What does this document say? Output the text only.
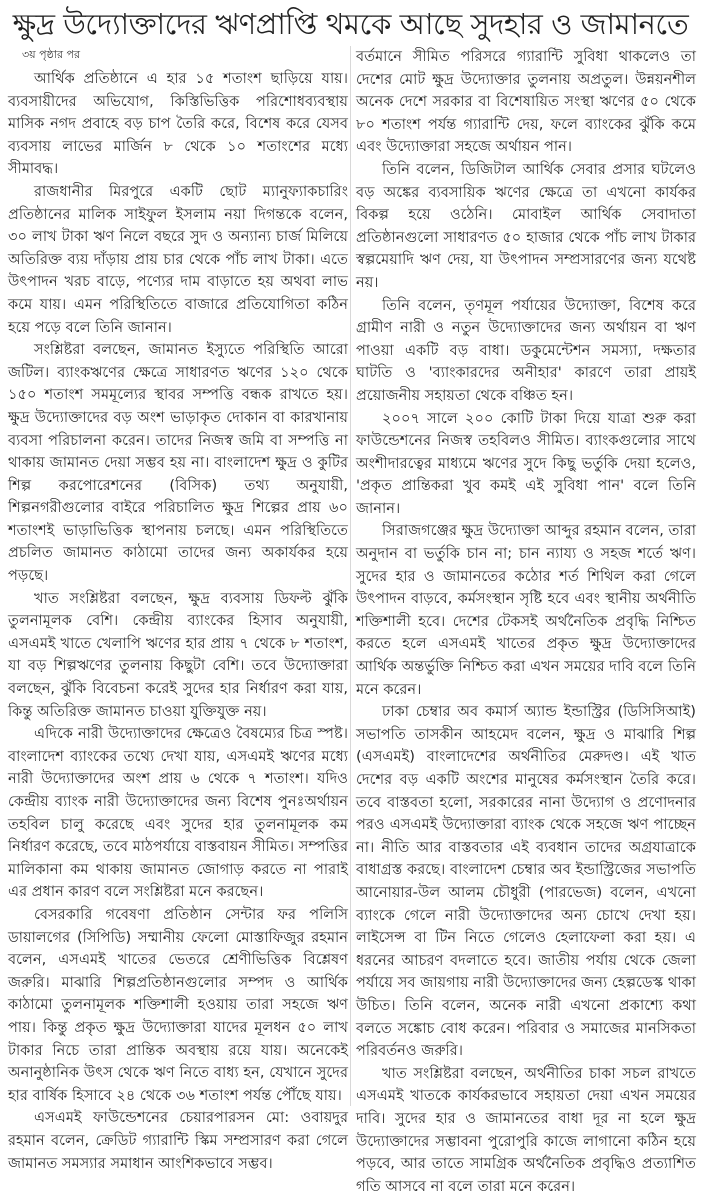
ক্ষুদ্র উদ্যোক্তাদের ঋণপ্রাপ্তি থমকে আছে সুদহার ও জামানতে
৩য় পৃষ্ঠার পর

আর্থিক প্রতিষ্ঠানে এ হার ১৫ শতাংশ ছাড়িয়ে যায়। ব্যবসায়ীদের অভিযোগ, কিস্তিভিত্তিক পরিশোধব্যবস্থায় মাসিক নগদ প্রবাহে বড় চাপ তৈরি করে, বিশেষ করে যেসব ব্যবসায় লাভের মার্জিন ৮ থেকে ১০ শতাংশের মধ্যে সীমাবদ্ধ।

রাজধানীর মিরপুরে একটি ছোট ম্যানুফ্যাকচারিং প্রতিষ্ঠানের মালিক সাইফুল ইসলাম নয়া দিগন্তকে বলেন, ৩০ লাখ টাকা ঋণ নিলে বছরে সুদ ও অন্যান্য চার্জ মিলিয়ে অতিরিক্ত ব্যয় দাঁড়ায় প্রায় চার থেকে পাঁচ লাখ টাকা। এতে উৎপাদন খরচ বাড়ে, পণ্যের দাম বাড়াতে হয় অথবা লাভ কমে যায়। এমন পরিস্থিতিতে বাজারে প্রতিযোগিতা কঠিন হয়ে পড়ে বলে তিনি জানান।

সংশ্লিষ্টরা বলছেন, জামানত ইস্যুতে পরিস্থিতি আরো জটিল। ব্যাংকঋণের ক্ষেত্রে সাধারণত ঋণের ১২০ থেকে ১৫০ শতাংশ সমমূল্যের স্থাবর সম্পত্তি বন্ধক রাখতে হয়। ক্ষুদ্র উদ্যোক্তাদের বড় অংশ ভাড়াকৃত দোকান বা কারখানায় ব্যবসা পরিচালনা করেন। তাদের নিজস্ব জমি বা সম্পত্তি না থাকায় জামানত দেয়া সম্ভব হয় না। বাংলাদেশ ক্ষুদ্র ও কুটির শিল্প করপোরেশনের (বিসিক) তথ্য অনুযায়ী, শিল্পনগরীগুলোর বাইরে পরিচালিত ক্ষুদ্র শিল্পের প্রায় ৬০ শতাংশই ভাড়াভিত্তিক স্থাপনায় চলছে। এমন পরিস্থিতিতে প্রচলিত জামানত কাঠামো তাদের জন্য অকার্যকর হয়ে পড়ছে।

খাত সংশ্লিষ্টরা বলছেন, ক্ষুদ্র ব্যবসায় ডিফল্ট ঝুঁকি তুলনামূলক বেশি। কেন্দ্রীয় ব্যাংকের হিসাব অনুযায়ী, এসএমই খাতে খেলাপি ঋণের হার প্রায় ৭ থেকে ৮ শতাংশ, যা বড় শিল্পঋণের তুলনায় কিছুটা বেশি। তবে উদ্যোক্তারা বলছেন, ঝুঁকি বিবেচনা করেই সুদের হার নির্ধারণ করা যায়, কিন্তু অতিরিক্ত জামানত চাওয়া যুক্তিযুক্ত নয়।

এদিকে নারী উদ্যোক্তাদের ক্ষেত্রেও বৈষম্যের চিত্র স্পষ্ট। বাংলাদেশ ব্যাংকের তথ্যে দেখা যায়, এসএমই ঋণের মধ্যে নারী উদ্যোক্তাদের অংশ প্রায় ৬ থেকে ৭ শতাংশ। যদিও কেন্দ্রীয় ব্যাংক নারী উদ্যোক্তাদের জন্য বিশেষ পুনঃঅর্থায়ন তহবিল চালু করেছে এবং সুদের হার তুলনামূলক কম নির্ধারণ করেছে, তবে মাঠপর্যায়ে বাস্তবায়ন সীমিত। সম্পত্তির মালিকানা কম থাকায় জামানত জোগাড় করতে না পারাই এর প্রধান কারণ বলে সংশ্লিষ্টরা মনে করছেন।

বেসরকারি গবেষণা প্রতিষ্ঠান সেন্টার ফর পলিসি ডায়ালগের (সিপিডি) সম্মানীয় ফেলো মোস্তাফিজুর রহমান বলেন, এসএমই খাতের ভেতরে শ্রেণীভিত্তিক বিশ্লেষণ জরুরি। মাঝারি শিল্পপ্রতিষ্ঠানগুলোর সম্পদ ও আর্থিক কাঠামো তুলনামূলক শক্তিশালী হওয়ায় তারা সহজে ঋণ পায়। কিন্তু প্রকৃত ক্ষুদ্র উদ্যোক্তারা যাদের মূলধন ৫০ লাখ টাকার নিচে তারা প্রান্তিক অবস্থায় রয়ে যায়। অনেকেই অনানুষ্ঠানিক উৎস থেকে ঋণ নিতে বাধ্য হন, যেখানে সুদের হার বার্ষিক হিসাবে ২৪ থেকে ৩৬ শতাংশ পর্যন্ত পৌঁছে যায়।

এসএমই ফাউন্ডেশনের চেয়ারপারসন মো: ওবায়দুর রহমান বলেন, ক্রেডিট গ্যারান্টি স্কিম সম্প্রসারণ করা গেলে জামানত সমস্যার সমাধান আংশিকভাবে সম্ভব।

বর্তমানে সীমিত পরিসরে গ্যারান্টি সুবিধা থাকলেও তা দেশের মোট ক্ষুদ্র উদ্যোক্তার তুলনায় অপ্রতুল। উন্নয়নশীল অনেক দেশে সরকার বা বিশেষায়িত সংস্থা ঋণের ৫০ থেকে ৮০ শতাংশ পর্যন্ত গ্যারান্টি দেয়, ফলে ব্যাংকের ঝুঁকি কমে এবং উদ্যোক্তারা সহজে অর্থায়ন পান।

তিনি বলেন, ডিজিটাল আর্থিক সেবার প্রসার ঘটলেও বড় অঙ্কের ব্যবসায়িক ঋণের ক্ষেত্রে তা এখনো কার্যকর বিকল্প হয়ে ওঠেনি। মোবাইল আর্থিক সেবাদাতা প্রতিষ্ঠানগুলো সাধারণত ৫০ হাজার থেকে পাঁচ লাখ টাকার স্বল্পমেয়াদি ঋণ দেয়, যা উৎপাদন সম্প্রসারণের জন্য যথেষ্ট নয়।

তিনি বলেন, তৃণমূল পর্যায়ের উদ্যোক্তা, বিশেষ করে গ্রামীণ নারী ও নতুন উদ্যোক্তাদের জন্য অর্থায়ন বা ঋণ পাওয়া একটি বড় বাধা। ডকুমেন্টেশন সমস্যা, দক্ষতার ঘাটতি ও 'ব্যাংকারদের অনীহার' কারণে তারা প্রায়ই প্রয়োজনীয় সহায়তা থেকে বঞ্চিত হন।

২০০৭ সালে ২০০ কোটি টাকা দিয়ে যাত্রা শুরু করা ফাউন্ডেশনের নিজস্ব তহবিলও সীমিত। ব্যাংকগুলোর সাথে অংশীদারত্বের মাধ্যমে ঋণের সুদে কিছু ভর্তুকি দেয়া হলেও, 'প্রকৃত প্রান্তিকরা খুব কমই এই সুবিধা পান' বলে তিনি জানান।

সিরাজগঞ্জের ক্ষুদ্র উদ্যোক্তা আব্দুর রহমান বলেন, তারা অনুদান বা ভর্তুকি চান না; চান ন্যায্য ও সহজ শর্তে ঋণ। সুদের হার ও জামানতের কঠোর শর্ত শিথিল করা গেলে উৎপাদন বাড়বে, কর্মসংস্থান সৃষ্টি হবে এবং স্থানীয় অর্থনীতি শক্তিশালী হবে। দেশের টেকসই অর্থনৈতিক প্রবৃদ্ধি নিশ্চিত করতে হলে এসএমই খাতের প্রকৃত ক্ষুদ্র উদ্যোক্তাদের আর্থিক অন্তর্ভুক্তি নিশ্চিত করা এখন সময়ের দাবি বলে তিনি মনে করেন।

ঢাকা চেম্বার অব কমার্স অ্যান্ড ইন্ডাস্ট্রির (ডিসিসিআই) সভাপতি তাসকীন আহমেদ বলেন, ক্ষুদ্র ও মাঝারি শিল্প (এসএমই) বাংলাদেশের অর্থনীতির মেরুদণ্ড। এই খাত দেশের বড় একটি অংশের মানুষের কর্মসংস্থান তৈরি করে। তবে বাস্তবতা হলো, সরকারের নানা উদ্যোগ ও প্রণোদনার পরও এসএমই উদ্যোক্তারা ব্যাংক থেকে সহজে ঋণ পাচ্ছেন না। নীতি আর বাস্তবতার এই ব্যবধান তাদের অগ্রযাত্রাকে বাধাগ্রস্ত করছে। বাংলাদেশ চেম্বার অব ইন্ডাস্ট্রিজের সভাপতি আনোয়ার-উল আলম চৌধুরী (পারভেজ) বলেন, এখনো ব্যাংকে গেলে নারী উদ্যোক্তাদের অন্য চোখে দেখা হয়। লাইসেন্স বা টিন নিতে গেলেও হেলাফেলা করা হয়। এ ধরনের আচরণ বদলাতে হবে। জাতীয় পর্যায় থেকে জেলা পর্যায়ে সব জায়গায় নারী উদ্যোক্তাদের জন্য হেল্পডেস্ক থাকা উচিত। তিনি বলেন, অনেক নারী এখনো প্রকাশ্যে কথা বলতে সঙ্কোচ বোধ করেন। পরিবার ও সমাজের মানসিকতা পরিবর্তনও জরুরি।

খাত সংশ্লিষ্টরা বলছেন, অর্থনীতির চাকা সচল রাখতে এসএমই খাতকে কার্যকরভাবে সহায়তা দেয়া এখন সময়ের দাবি। সুদের হার ও জামানতের বাধা দূর না হলে ক্ষুদ্র উদ্যোক্তাদের সম্ভাবনা পুরোপুরি কাজে লাগানো কঠিন হয়ে পড়বে, আর তাতে সামগ্রিক অর্থনৈতিক প্রবৃদ্ধিও প্রত্যাশিত গতি আসবে না বলে তারা মনে করেন।
